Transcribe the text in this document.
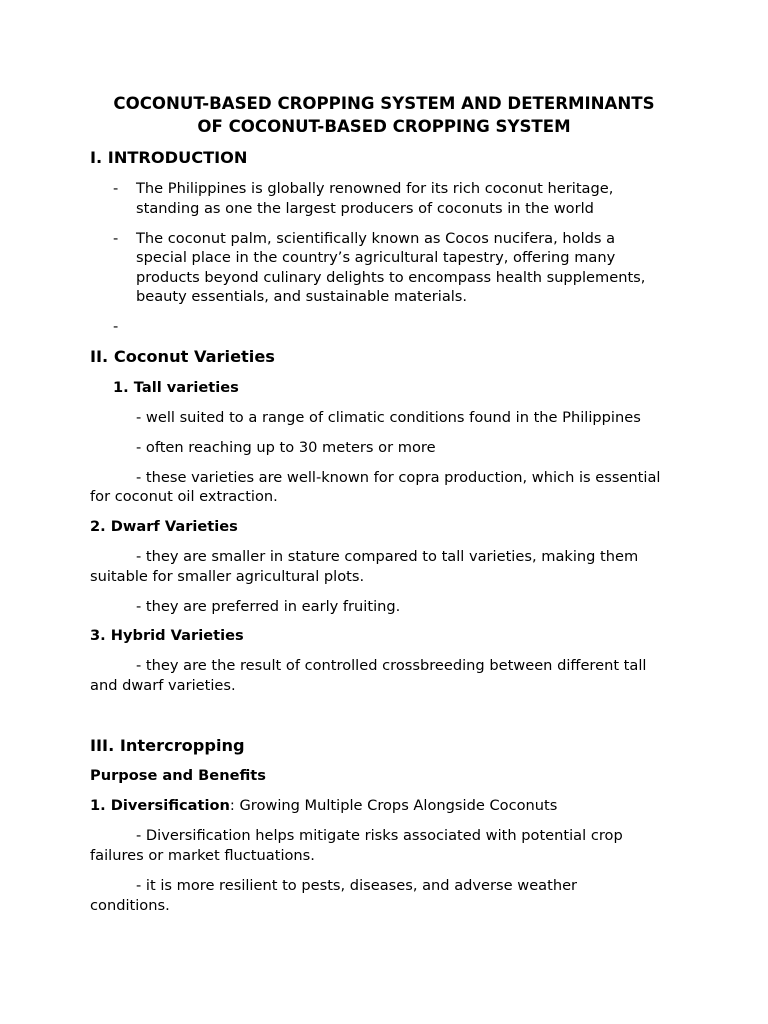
COCONUT-BASED CROPPING SYSTEM AND DETERMINANTS
OF COCONUT-BASED CROPPING SYSTEM
I. INTRODUCTION
- The Philippines is globally renowned for its rich coconut heritage,
standing as one the largest producers of coconuts in the world
- The coconut palm, scientifically known as Cocos nucifera, holds a
special place in the country’s agricultural tapestry, offering many
products beyond culinary delights to encompass health supplements,
beauty essentials, and sustainable materials.
-
II. Coconut Varieties
1. Tall varieties
- well suited to a range of climatic conditions found in the Philippines
- often reaching up to 30 meters or more
- these varieties are well-known for copra production, which is essential
for coconut oil extraction.
2. Dwarf Varieties
- they are smaller in stature compared to tall varieties, making them
suitable for smaller agricultural plots.
- they are preferred in early fruiting.
3. Hybrid Varieties
- they are the result of controlled crossbreeding between different tall
and dwarf varieties.
III. Intercropping
Purpose and Benefits
1. Diversification: Growing Multiple Crops Alongside Coconuts
- Diversification helps mitigate risks associated with potential crop
failures or market fluctuations.
- it is more resilient to pests, diseases, and adverse weather
conditions.
